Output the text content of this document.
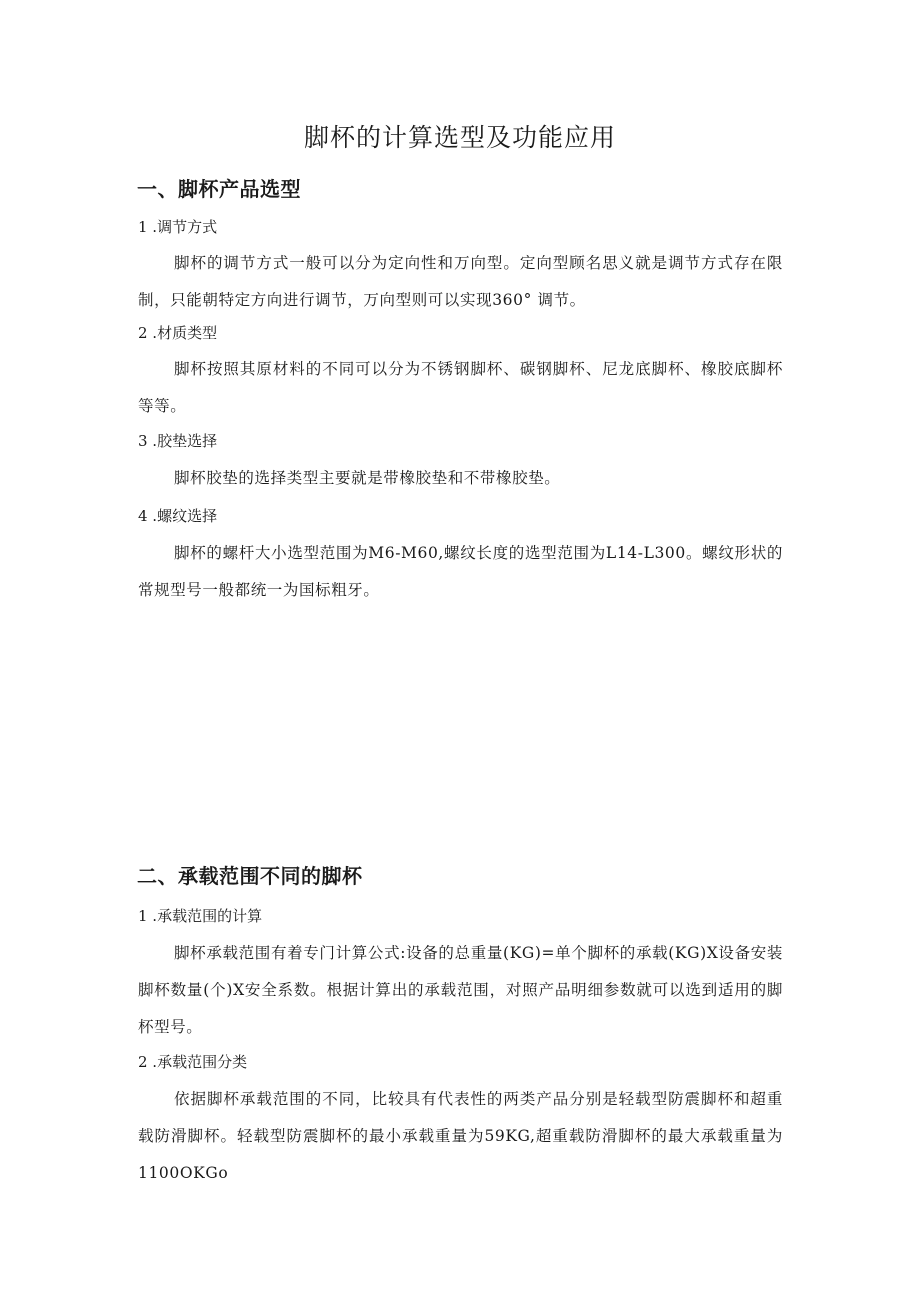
脚杯的计算选型及功能应用
一、脚杯产品选型
1 .调节方式

脚杯的调节方式一般可以分为定向性和万向型。定向型顾名思义就是调节方式存在限制，只能朝特定方向进行调节，万向型则可以实现360° 调节。

2 .材质类型

脚杯按照其原材料的不同可以分为不锈钢脚杯、碳钢脚杯、尼龙底脚杯、橡胶底脚杯等等。

3 .胶垫选择

脚杯胶垫的选择类型主要就是带橡胶垫和不带橡胶垫。

4 .螺纹选择

脚杯的螺杆大小选型范围为M6-M60,螺纹长度的选型范围为L14-L300。螺纹形状的常规型号一般都统一为国标粗牙。

二、承载范围不同的脚杯
1 .承载范围的计算

脚杯承载范围有着专门计算公式:设备的总重量(KG)=单个脚杯的承载(KG)X设备安装脚杯数量(个)X安全系数。根据计算出的承载范围，对照产品明细参数就可以选到适用的脚杯型号。

2 .承载范围分类

依据脚杯承载范围的不同，比较具有代表性的两类产品分别是轻载型防震脚杯和超重载防滑脚杯。轻载型防震脚杯的最小承载重量为59KG,超重载防滑脚杯的最大承载重量为1100OKGo
